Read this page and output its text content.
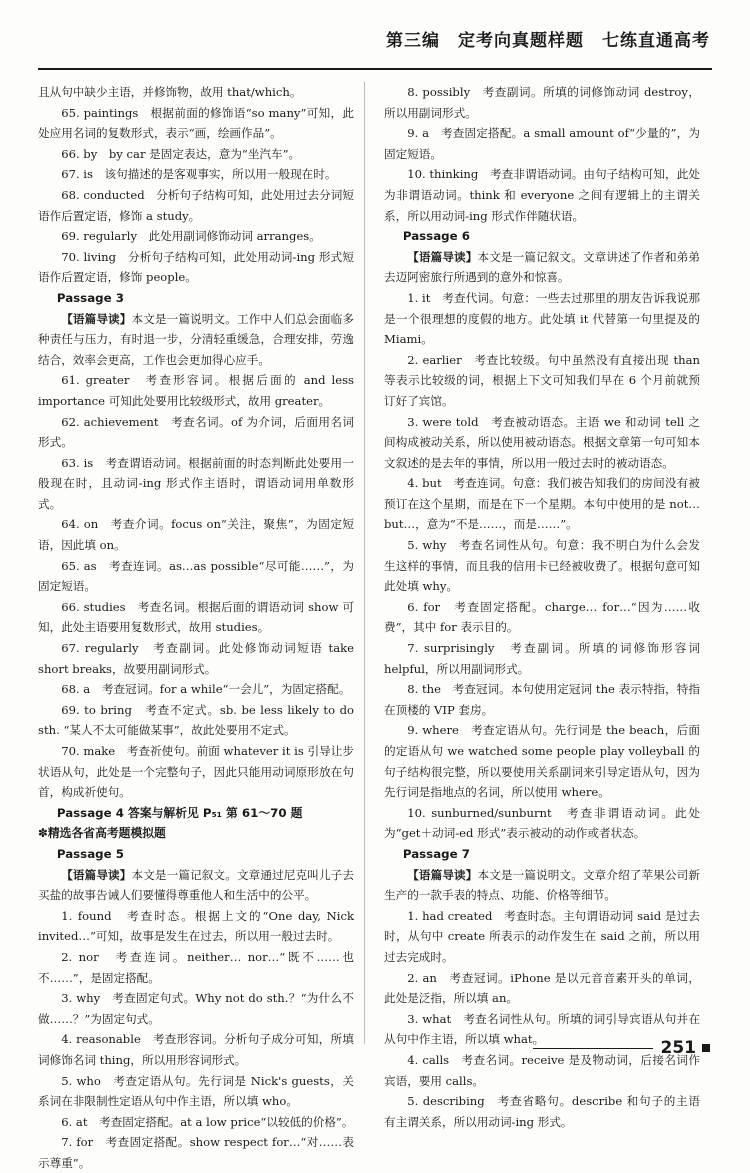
第三编　定考向真题样题　七练直通高考

且从句中缺少主语，并修饰物，故用 that/which。

65. paintings　根据前面的修饰语“so many”可知，此处应用名词的复数形式，表示“画，绘画作品”。

66. by　by car 是固定表达，意为“坐汽车”。

67. is　该句描述的是客观事实，所以用一般现在时。

68. conducted　分析句子结构可知，此处用过去分词短语作后置定语，修饰 a study。

69. regularly　此处用副词修饰动词 arranges。

70. living　分析句子结构可知，此处用动词-ing 形式短语作后置定语，修饰 people。

Passage 3

【语篇导读】本文是一篇说明文。工作中人们总会面临多种责任与压力，有时退一步，分清轻重缓急，合理安排，劳逸结合，效率会更高，工作也会更加得心应手。

61. greater　考查形容词。根据后面的 and less importance 可知此处要用比较级形式，故用 greater。

62. achievement　考查名词。of 为介词，后面用名词形式。

63. is　考查谓语动词。根据前面的时态判断此处要用一般现在时，且动词-ing 形式作主语时，谓语动词用单数形式。

64. on　考查介词。focus on“关注，聚焦”，为固定短语，因此填 on。

65. as　考查连词。as…as possible“尽可能……”，为固定短语。

66. studies　考查名词。根据后面的谓语动词 show 可知，此处主语要用复数形式，故用 studies。

67. regularly　考查副词。此处修饰动词短语 take short breaks，故要用副词形式。

68. a　考查冠词。for a while“一会儿”，为固定搭配。

69. to bring　考查不定式。sb. be less likely to do sth. “某人不太可能做某事”，故此处要用不定式。

70. make　考查祈使句。前面 whatever it is 引导让步状语从句，此处是一个完整句子，因此只能用动词原形放在句首，构成祈使句。

Passage 4 答案与解析见 P₅₁ 第 61～70 题

✽精选各省高考题模拟题

Passage 5

【语篇导读】本文是一篇记叙文。文章通过尼克叫儿子去买盐的故事告诫人们要懂得尊重他人和生活中的公平。

1. found　考查时态。根据上文的“One day, Nick invited…”可知，故事是发生在过去，所以用一般过去时。

2. nor　考查连词。neither… nor…“既不……也不……”，是固定搭配。

3. why　考查固定句式。Why not do sth.？“为什么不做……？”为固定句式。

4. reasonable　考查形容词。分析句子成分可知，所填词修饰名词 thing，所以用形容词形式。

5. who　考查定语从句。先行词是 Nick's guests，关系词在非限制性定语从句中作主语，所以填 who。

6. at　考查固定搭配。at a low price“以较低的价格”。

7. for　考查固定搭配。show respect for…“对……表示尊重”。

8. possibly　考查副词。所填的词修饰动词 destroy，所以用副词形式。

9. a　考查固定搭配。a small amount of“少量的”，为固定短语。

10. thinking　考查非谓语动词。由句子结构可知，此处为非谓语动词。think 和 everyone 之间有逻辑上的主谓关系，所以用动词-ing 形式作伴随状语。

Passage 6

【语篇导读】本文是一篇记叙文。文章讲述了作者和弟弟去迈阿密旅行所遇到的意外和惊喜。

1. it　考查代词。句意：一些去过那里的朋友告诉我说那是一个很理想的度假的地方。此处填 it 代替第一句里提及的 Miami。

2. earlier　考查比较级。句中虽然没有直接出现 than 等表示比较级的词，根据上下文可知我们早在 6 个月前就预订好了宾馆。

3. were told　考查被动语态。主语 we 和动词 tell 之间构成被动关系，所以使用被动语态。根据文章第一句可知本文叙述的是去年的事情，所以用一般过去时的被动语态。

4. but　考查连词。句意：我们被告知我们的房间没有被预订在这个星期，而是在下一个星期。本句中使用的是 not… but…，意为“不是……，而是……”。

5. why　考查名词性从句。句意：我不明白为什么会发生这样的事情，而且我的信用卡已经被收费了。根据句意可知此处填 why。

6. for　考查固定搭配。charge… for…“因为……收费”，其中 for 表示目的。

7. surprisingly　考查副词。所填的词修饰形容词 helpful，所以用副词形式。

8. the　考查冠词。本句使用定冠词 the 表示特指，特指在顶楼的 VIP 套房。

9. where　考查定语从句。先行词是 the beach，后面的定语从句 we watched some people play volleyball 的句子结构很完整，所以要使用关系副词来引导定语从句，因为先行词是指地点的名词，所以使用 where。

10. sunburned/sunburnt　考查非谓语动词。此处为“get＋动词-ed 形式”表示被动的动作或者状态。

Passage 7

【语篇导读】本文是一篇说明文。文章介绍了苹果公司新生产的一款手表的特点、功能、价格等细节。

1. had created　考查时态。主句谓语动词 said 是过去时，从句中 create 所表示的动作发生在 said 之前，所以用过去完成时。

2. an　考查冠词。iPhone 是以元音音素开头的单词，此处是泛指，所以填 an。

3. what　考查名词性从句。所填的词引导宾语从句并在从句中作主语，所以填 what。

4. calls　考查名词。receive 是及物动词，后接名词作宾语，要用 calls。

5. describing　考查省略句。describe 和句子的主语有主谓关系，所以用动词-ing 形式。

251
